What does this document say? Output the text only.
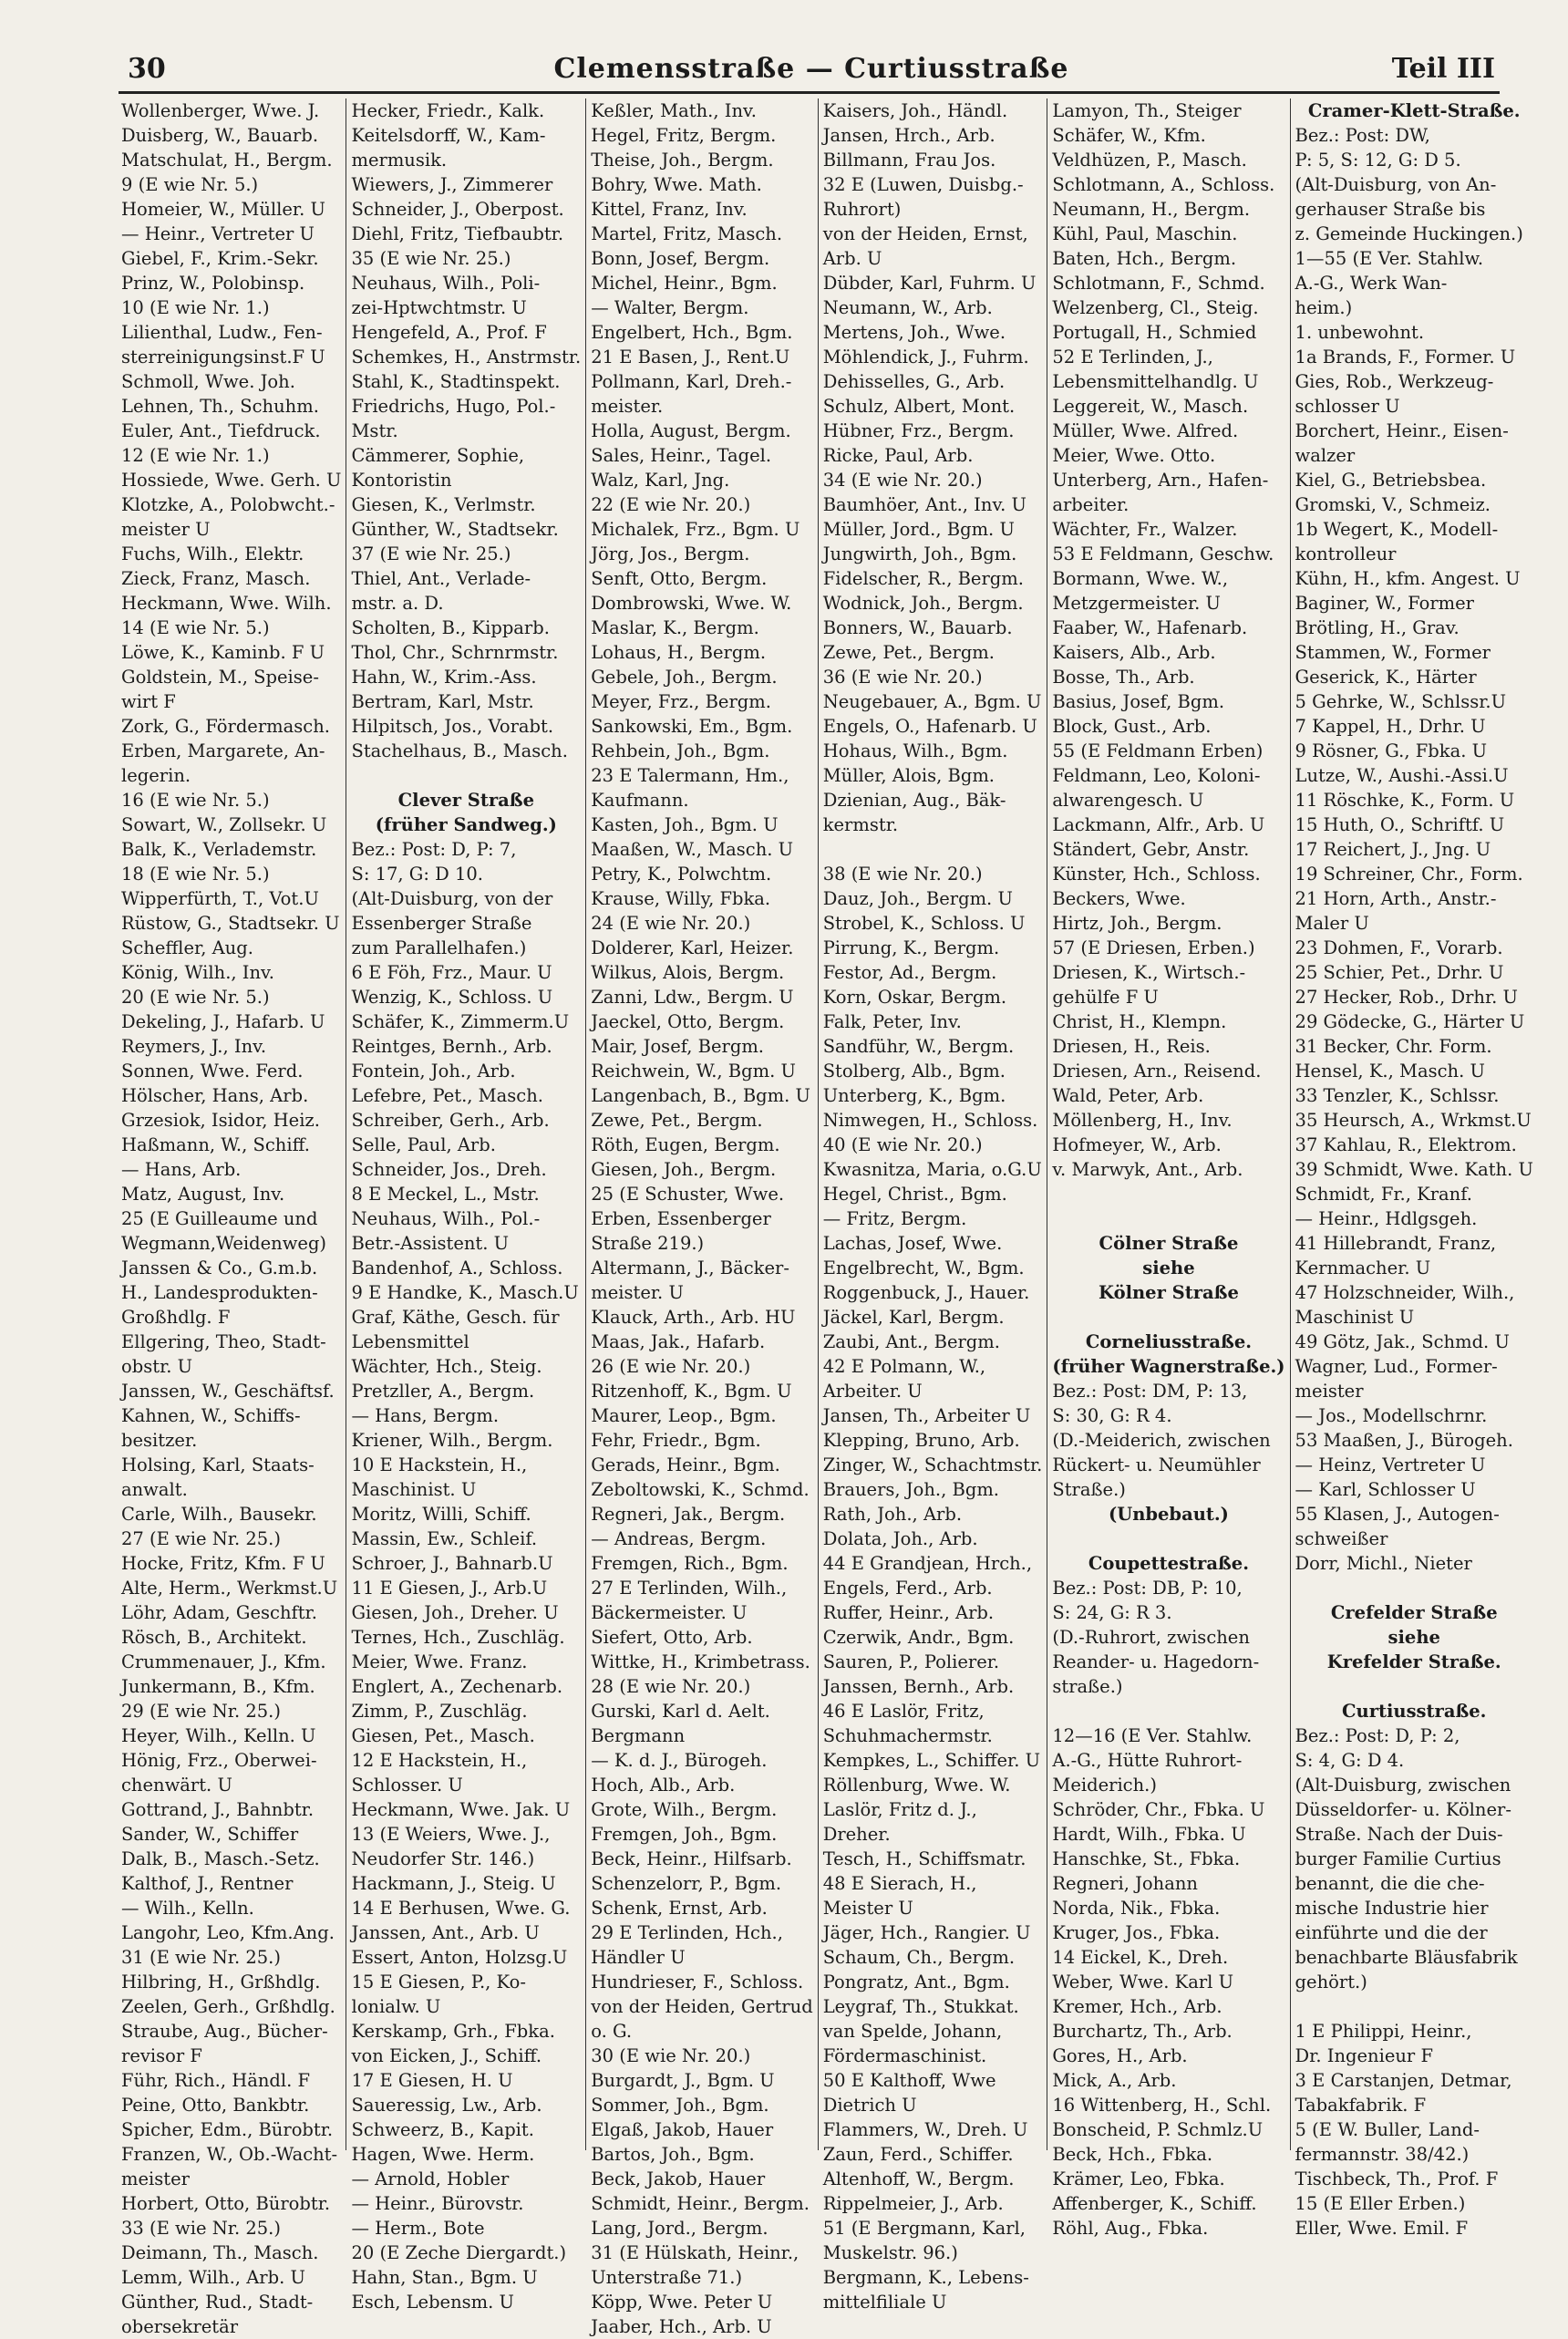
30	Clemensstraße — Curtiusstraße	Teil III
Wollenberger, Wwe. J.
Duisberg, W., Bauarb.
Matschulat, H., Bergm.
9 (E wie Nr. 5.)
Homeier, W., Müller. U
— Heinr., Vertreter U
Giebel, F., Krim.-Sekr.
Prinz, W., Polobinsp.
10 (E wie Nr. 1.)
Lilienthal, Ludw., Fen-
sterreinigungsinst.F U
Schmoll, Wwe. Joh.
Lehnen, Th., Schuhm.
Euler, Ant., Tiefdruck.
12 (E wie Nr. 1.)
Hossiede, Wwe. Gerh. U
Klotzke, A., Polobwcht.-
meister U
Fuchs, Wilh., Elektr.
Zieck, Franz, Masch.
Heckmann, Wwe. Wilh.
14 (E wie Nr. 5.)
Löwe, K., Kaminb. F U
Goldstein, M., Speise-
wirt F
Zork, G., Fördermasch.
Erben, Margarete, An-
legerin.
16 (E wie Nr. 5.)
Sowart, W., Zollsekr. U
Balk, K., Verlademstr.
18 (E wie Nr. 5.)
Wipperfürth, T., Vot.U
Rüstow, G., Stadtsekr. U
Scheffler, Aug.
König, Wilh., Inv.
20 (E wie Nr. 5.)
Dekeling, J., Hafarb. U
Reymers, J., Inv.
Sonnen, Wwe. Ferd.
Hölscher, Hans, Arb.
Grzesiok, Isidor, Heiz.
Haßmann, W., Schiff.
— Hans, Arb.
Matz, August, Inv.
25 (E Guilleaume und
Wegmann,Weidenweg)
Janssen & Co., G.m.b.
H., Landesprodukten-
Großhdlg. F
Ellgering, Theo, Stadt-
obstr. U
Janssen, W., Geschäftsf.
Kahnen, W., Schiffs-
besitzer.
Holsing, Karl, Staats-
anwalt.
Carle, Wilh., Bausekr.
27 (E wie Nr. 25.)
Hocke, Fritz, Kfm. F U
Alte, Herm., Werkmst.U
Löhr, Adam, Geschftr.
Rösch, B., Architekt.
Crummenauer, J., Kfm.
Junkermann, B., Kfm.
29 (E wie Nr. 25.)
Heyer, Wilh., Kelln. U
Hönig, Frz., Oberwei-
chenwärt. U
Gottrand, J., Bahnbtr.
Sander, W., Schiffer
Dalk, B., Masch.-Setz.
Kalthof, J., Rentner
— Wilh., Kelln.
Langohr, Leo, Kfm.Ang.
31 (E wie Nr. 25.)
Hilbring, H., Grßhdlg.
Zeelen, Gerh., Grßhdlg.
Straube, Aug., Bücher-
revisor F
Führ, Rich., Händl. F
Peine, Otto, Bankbtr.
Spicher, Edm., Bürobtr.
Franzen, W., Ob.-Wacht-
meister
Horbert, Otto, Bürobtr.
33 (E wie Nr. 25.)
Deimann, Th., Masch.
Lemm, Wilh., Arb. U
Günther, Rud., Stadt-
obersekretär
Hecker, Friedr., Kalk.
Keitelsdorff, W., Kam-
mermusik.
Wiewers, J., Zimmerer
Schneider, J., Oberpost.
Diehl, Fritz, Tiefbaubtr.
35 (E wie Nr. 25.)
Neuhaus, Wilh., Poli-
zei-Hptwchtmstr. U
Hengefeld, A., Prof. F
Schemkes, H., Anstrmstr.
Stahl, K., Stadtinspekt.
Friedrichs, Hugo, Pol.-
Mstr.
Cämmerer, Sophie,
Kontoristin
Giesen, K., Verlmstr.
Günther, W., Stadtsekr.
37 (E wie Nr. 25.)
Thiel, Ant., Verlade-
mstr. a. D.
Scholten, B., Kipparb.
Thol, Chr., Schrnrmstr.
Hahn, W., Krim.-Ass.
Bertram, Karl, Mstr.
Hilpitsch, Jos., Vorabt.
Stachelhaus, B., Masch.

Clever Straße
(früher Sandweg.)
Bez.: Post: D, P: 7,
S: 17, G: D 10.
(Alt-Duisburg, von der
Essenberger Straße
zum Parallelhafen.)
6 E Föh, Frz., Maur. U
Wenzig, K., Schloss. U
Schäfer, K., Zimmerm.U
Reintges, Bernh., Arb.
Fontein, Joh., Arb.
Lefebre, Pet., Masch.
Schreiber, Gerh., Arb.
Selle, Paul, Arb.
Schneider, Jos., Dreh.
8 E Meckel, L., Mstr.
Neuhaus, Wilh., Pol.-
Betr.-Assistent. U
Bandenhof, A., Schloss.
9 E Handke, K., Masch.U
Graf, Käthe, Gesch. für
Lebensmittel
Wächter, Hch., Steig.
Pretzller, A., Bergm.
— Hans, Bergm.
Kriener, Wilh., Bergm.
10 E Hackstein, H.,
Maschinist. U
Moritz, Willi, Schiff.
Massin, Ew., Schleif.
Schroer, J., Bahnarb.U
11 E Giesen, J., Arb.U
Giesen, Joh., Dreher. U
Ternes, Hch., Zuschläg.
Meier, Wwe. Franz.
Englert, A., Zechenarb.
Zimm, P., Zuschläg.
Giesen, Pet., Masch.
12 E Hackstein, H.,
Schlosser. U
Heckmann, Wwe. Jak. U
13 (E Weiers, Wwe. J.,
Neudorfer Str. 146.)
Hackmann, J., Steig. U
14 E Berhusen, Wwe. G.
Janssen, Ant., Arb. U
Essert, Anton, Holzsg.U
15 E Giesen, P., Ko-
lonialw. U
Kerskamp, Grh., Fbka.
von Eicken, J., Schiff.
17 E Giesen, H. U
Saueressig, Lw., Arb.
Schweerz, B., Kapit.
Hagen, Wwe. Herm.
— Arnold, Hobler
— Heinr., Bürovstr.
— Herm., Bote
20 (E Zeche Diergardt.)
Hahn, Stan., Bgm. U
Esch, Lebensm. U
Keßler, Math., Inv.
Hegel, Fritz, Bergm.
Theise, Joh., Bergm.
Bohry, Wwe. Math.
Kittel, Franz, Inv.
Martel, Fritz, Masch.
Bonn, Josef, Bergm.
Michel, Heinr., Bgm.
— Walter, Bergm.
Engelbert, Hch., Bgm.
21 E Basen, J., Rent.U
Pollmann, Karl, Dreh.-
meister.
Holla, August, Bergm.
Sales, Heinr., Tagel.
Walz, Karl, Jng.
22 (E wie Nr. 20.)
Michalek, Frz., Bgm. U
Jörg, Jos., Bergm.
Senft, Otto, Bergm.
Dombrowski, Wwe. W.
Maslar, K., Bergm.
Lohaus, H., Bergm.
Gebele, Joh., Bergm.
Meyer, Frz., Bergm.
Sankowski, Em., Bgm.
Rehbein, Joh., Bgm.
23 E Talermann, Hm.,
Kaufmann.
Kasten, Joh., Bgm. U
Maaßen, W., Masch. U
Petry, K., Polwchtm.
Krause, Willy, Fbka.
24 (E wie Nr. 20.)
Dolderer, Karl, Heizer.
Wilkus, Alois, Bergm.
Zanni, Ldw., Bergm. U
Jaeckel, Otto, Bergm.
Mair, Josef, Bergm.
Reichwein, W., Bgm. U
Langenbach, B., Bgm. U
Zewe, Pet., Bergm.
Röth, Eugen, Bergm.
Giesen, Joh., Bergm.
25 (E Schuster, Wwe.
Erben, Essenberger
Straße 219.)
Altermann, J., Bäcker-
meister. U
Klauck, Arth., Arb. HU
Maas, Jak., Hafarb.
26 (E wie Nr. 20.)
Ritzenhoff, K., Bgm. U
Maurer, Leop., Bgm.
Fehr, Friedr., Bgm.
Gerads, Heinr., Bgm.
Zeboltowski, K., Schmd.
Regneri, Jak., Bergm.
— Andreas, Bergm.
Fremgen, Rich., Bgm.
27 E Terlinden, Wilh.,
Bäckermeister. U
Siefert, Otto, Arb.
Wittke, H., Krimbetrass.
28 (E wie Nr. 20.)
Gurski, Karl d. Aelt.
Bergmann
— K. d. J., Bürogeh.
Hoch, Alb., Arb.
Grote, Wilh., Bergm.
Fremgen, Joh., Bgm.
Beck, Heinr., Hilfsarb.
Schenzelorr, P., Bgm.
Schenk, Ernst, Arb.
29 E Terlinden, Hch.,
Händler U
Hundrieser, F., Schloss.
von der Heiden, Gertrud
o. G.
30 (E wie Nr. 20.)
Burgardt, J., Bgm. U
Sommer, Joh., Bgm.
Elgaß, Jakob, Hauer
Bartos, Joh., Bgm.
Beck, Jakob, Hauer
Schmidt, Heinr., Bergm.
Lang, Jord., Bergm.
31 (E Hülskath, Heinr.,
Unterstraße 71.)
Köpp, Wwe. Peter U
Jaaber, Hch., Arb. U
Kaisers, Joh., Händl.
Jansen, Hrch., Arb.
Billmann, Frau Jos.
32 E (Luwen, Duisbg.-
Ruhrort)
von der Heiden, Ernst,
Arb. U
Dübder, Karl, Fuhrm. U
Neumann, W., Arb.
Mertens, Joh., Wwe.
Möhlendick, J., Fuhrm.
Dehisselles, G., Arb.
Schulz, Albert, Mont.
Hübner, Frz., Bergm.
Ricke, Paul, Arb.
34 (E wie Nr. 20.)
Baumhöer, Ant., Inv. U
Müller, Jord., Bgm. U
Jungwirth, Joh., Bgm.
Fidelscher, R., Bergm.
Wodnick, Joh., Bergm.
Bonners, W., Bauarb.
Zewe, Pet., Bergm.
36 (E wie Nr. 20.)
Neugebauer, A., Bgm. U
Engels, O., Hafenarb. U
Hohaus, Wilh., Bgm.
Müller, Alois, Bgm.
Dzienian, Aug., Bäk-
kermstr.

38 (E wie Nr. 20.)
Dauz, Joh., Bergm. U
Strobel, K., Schloss. U
Pirrung, K., Bergm.
Festor, Ad., Bergm.
Korn, Oskar, Bergm.
Falk, Peter, Inv.
Sandführ, W., Bergm.
Stolberg, Alb., Bgm.
Unterberg, K., Bgm.
Nimwegen, H., Schloss.
40 (E wie Nr. 20.)
Kwasnitza, Maria, o.G.U
Hegel, Christ., Bgm.
— Fritz, Bergm.
Lachas, Josef, Wwe.
Engelbrecht, W., Bgm.
Roggenbuck, J., Hauer.
Jäckel, Karl, Bergm.
Zaubi, Ant., Bergm.
42 E Polmann, W.,
Arbeiter. U
Jansen, Th., Arbeiter U
Klepping, Bruno, Arb.
Zinger, W., Schachtmstr.
Brauers, Joh., Bgm.
Rath, Joh., Arb.
Dolata, Joh., Arb.
44 E Grandjean, Hrch.,
Engels, Ferd., Arb.
Ruffer, Heinr., Arb.
Czerwik, Andr., Bgm.
Sauren, P., Polierer.
Janssen, Bernh., Arb.
46 E Laslör, Fritz,
Schuhmachermstr.
Kempkes, L., Schiffer. U
Röllenburg, Wwe. W.
Laslör, Fritz d. J.,
Dreher.
Tesch, H., Schiffsmatr.
48 E Sierach, H.,
Meister U
Jäger, Hch., Rangier. U
Schaum, Ch., Bergm.
Pongratz, Ant., Bgm.
Leygraf, Th., Stukkat.
van Spelde, Johann,
Fördermaschinist.
50 E Kalthoff, Wwe
Dietrich U
Flammers, W., Dreh. U
Zaun, Ferd., Schiffer.
Altenhoff, W., Bergm.
Rippelmeier, J., Arb.
51 (E Bergmann, Karl,
Muskelstr. 96.)
Bergmann, K., Lebens-
mittelfiliale U
Lamyon, Th., Steiger
Schäfer, W., Kfm.
Veldhüzen, P., Masch.
Schlotmann, A., Schloss.
Neumann, H., Bergm.
Kühl, Paul, Maschin.
Baten, Hch., Bergm.
Schlotmann, F., Schmd.
Welzenberg, Cl., Steig.
Portugall, H., Schmied
52 E Terlinden, J.,
Lebensmittelhandlg. U
Leggereit, W., Masch.
Müller, Wwe. Alfred.
Meier, Wwe. Otto.
Unterberg, Arn., Hafen-
arbeiter.
Wächter, Fr., Walzer.
53 E Feldmann, Geschw.
Bormann, Wwe. W.,
Metzgermeister. U
Faaber, W., Hafenarb.
Kaisers, Alb., Arb.
Bosse, Th., Arb.
Basius, Josef, Bgm.
Block, Gust., Arb.
55 (E Feldmann Erben)
Feldmann, Leo, Koloni-
alwarengesch. U
Lackmann, Alfr., Arb. U
Ständert, Gebr, Anstr.
Künster, Hch., Schloss.
Beckers, Wwe.
Hirtz, Joh., Bergm.
57 (E Driesen, Erben.)
Driesen, K., Wirtsch.-
gehülfe F U
Christ, H., Klempn.
Driesen, H., Reis.
Driesen, Arn., Reisend.
Wald, Peter, Arb.
Möllenberg, H., Inv.
Hofmeyer, W., Arb.
v. Marwyk, Ant., Arb.

Cölner Straße
siehe
Kölner Straße

Corneliusstraße.
(früher Wagnerstraße.)
Bez.: Post: DM, P: 13,
S: 30, G: R 4.
(D.-Meiderich, zwischen
Rückert- u. Neumühler
Straße.)
(Unbebaut.)

Coupettestraße.
Bez.: Post: DB, P: 10,
S: 24, G: R 3.
(D.-Ruhrort, zwischen
Reander- u. Hagedorn-
straße.)

12—16 (E Ver. Stahlw.
A.-G., Hütte Ruhrort-
Meiderich.)
Schröder, Chr., Fbka. U
Hardt, Wilh., Fbka. U
Hanschke, St., Fbka.
Regneri, Johann
Norda, Nik., Fbka.
Kruger, Jos., Fbka.
14 Eickel, K., Dreh.
Weber, Wwe. Karl U
Kremer, Hch., Arb.
Burchartz, Th., Arb.
Gores, H., Arb.
Mick, A., Arb.
16 Wittenberg, H., Schl.
Bonscheid, P. Schmlz.U
Beck, Hch., Fbka.
Krämer, Leo, Fbka.
Affenberger, K., Schiff.
Röhl, Aug., Fbka.
Cramer-Klett-Straße.
Bez.: Post: DW,
P: 5, S: 12, G: D 5.
(Alt-Duisburg, von An-
gerhauser Straße bis
z. Gemeinde Huckingen.)
1—55 (E Ver. Stahlw.
A.-G., Werk Wan-
heim.)
1. unbewohnt.
1a Brands, F., Former. U
Gies, Rob., Werkzeug-
schlosser U
Borchert, Heinr., Eisen-
walzer
Kiel, G., Betriebsbea.
Gromski, V., Schmeiz.
1b Wegert, K., Modell-
kontrolleur
Kühn, H., kfm. Angest. U
Baginer, W., Former
Brötling, H., Grav.
Stammen, W., Former
Geserick, K., Härter
5 Gehrke, W., Schlssr.U
7 Kappel, H., Drhr. U
9 Rösner, G., Fbka. U
Lutze, W., Aushi.-Assi.U
11 Röschke, K., Form. U
15 Huth, O., Schriftf. U
17 Reichert, J., Jng. U
19 Schreiner, Chr., Form.
21 Horn, Arth., Anstr.-
Maler U
23 Dohmen, F., Vorarb.
25 Schier, Pet., Drhr. U
27 Hecker, Rob., Drhr. U
29 Gödecke, G., Härter U
31 Becker, Chr. Form.
Hensel, K., Masch. U
33 Tenzler, K., Schlssr.
35 Heursch, A., Wrkmst.U
37 Kahlau, R., Elektrom.
39 Schmidt, Wwe. Kath. U
Schmidt, Fr., Kranf.
— Heinr., Hdlgsgeh.
41 Hillebrandt, Franz,
Kernmacher. U
47 Holzschneider, Wilh.,
Maschinist U
49 Götz, Jak., Schmd. U
Wagner, Lud., Former-
meister
— Jos., Modellschrnr.
53 Maaßen, J., Bürogeh.
— Heinz, Vertreter U
— Karl, Schlosser U
55 Klasen, J., Autogen-
schweißer
Dorr, Michl., Nieter

Crefelder Straße
siehe
Krefelder Straße.

Curtiusstraße.
Bez.: Post: D, P: 2,
S: 4, G: D 4.
(Alt-Duisburg, zwischen
Düsseldorfer- u. Kölner-
Straße. Nach der Duis-
burger Familie Curtius
benannt, die die che-
mische Industrie hier
einführte und die der
benachbarte Bläusfabrik
gehört.)

1 E Philippi, Heinr.,
Dr. Ingenieur F
3 E Carstanjen, Detmar,
Tabakfabrik. F
5 (E W. Buller, Land-
fermannstr. 38/42.)
Tischbeck, Th., Prof. F
15 (E Eller Erben.)
Eller, Wwe. Emil. F
